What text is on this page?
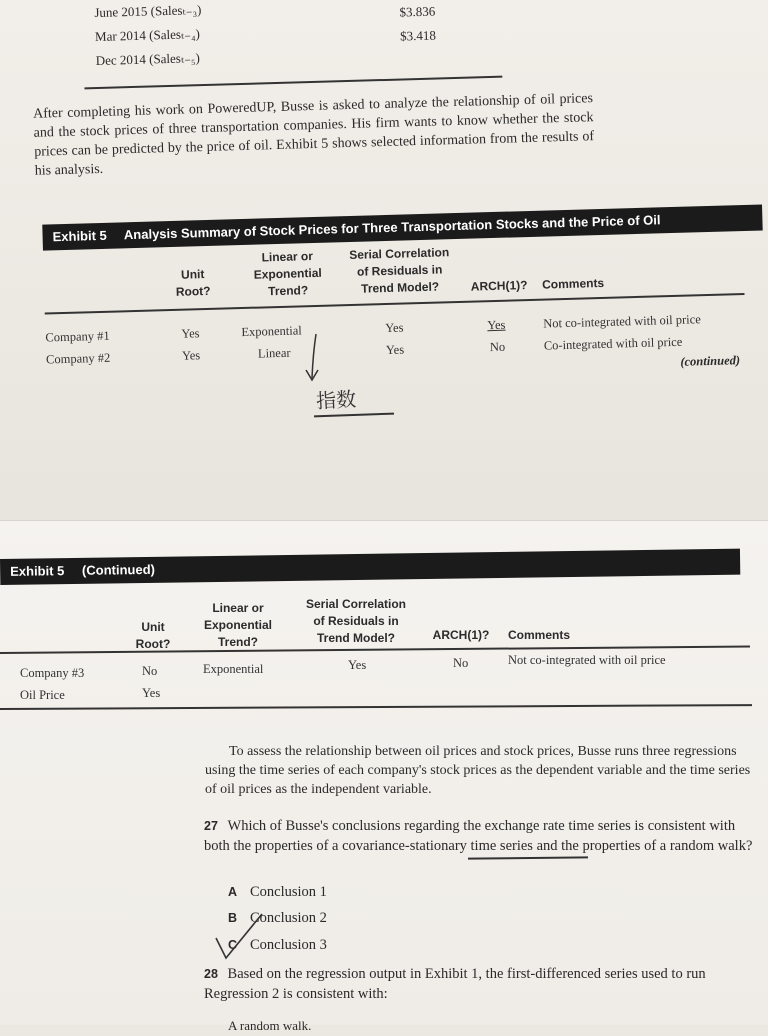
June 2015 (Salesₜ₋₃)	$3.836
Mar 2014 (Salesₜ₋₄)	$3.418
Dec 2014 (Salesₜ₋₅)
After completing his work on PoweredUP, Busse is asked to analyze the relationship of oil prices and the stock prices of three transportation companies. His firm wants to know whether the stock prices can be predicted by the price of oil. Exhibit 5 shows selected information from the results of his analysis.
Exhibit 5 Analysis Summary of Stock Prices for Three Transportation Stocks and the Price of Oil
Unit
Root?
Linear or
Exponential
Trend?
Serial Correlation
of Residuals in
Trend Model?	ARCH(1)?	Comments
Company #1	Yes	Exponential	Yes	Yes	Not co-integrated with oil price
Company #2	Yes	Linear	Yes	No	Co-integrated with oil price
(continued)
指数
Exhibit 5 (Continued)
Unit
Root?
Linear or
Exponential
Trend?
Serial Correlation
of Residuals in
Trend Model?	ARCH(1)?	Comments
Company #3	No	Exponential	Yes	No	Not co-integrated with oil price
Oil Price	Yes
To assess the relationship between oil prices and stock prices, Busse runs three regressions using the time series of each company's stock prices as the dependent variable and the time series of oil prices as the independent variable.
27 Which of Busse's conclusions regarding the exchange rate time series is consistent with both the properties of a covariance-stationary time series and the properties of a random walk?
A Conclusion 1
B Conclusion 2
C Conclusion 3
28 Based on the regression output in Exhibit 1, the first-differenced series used to run Regression 2 is consistent with:
A random walk.
